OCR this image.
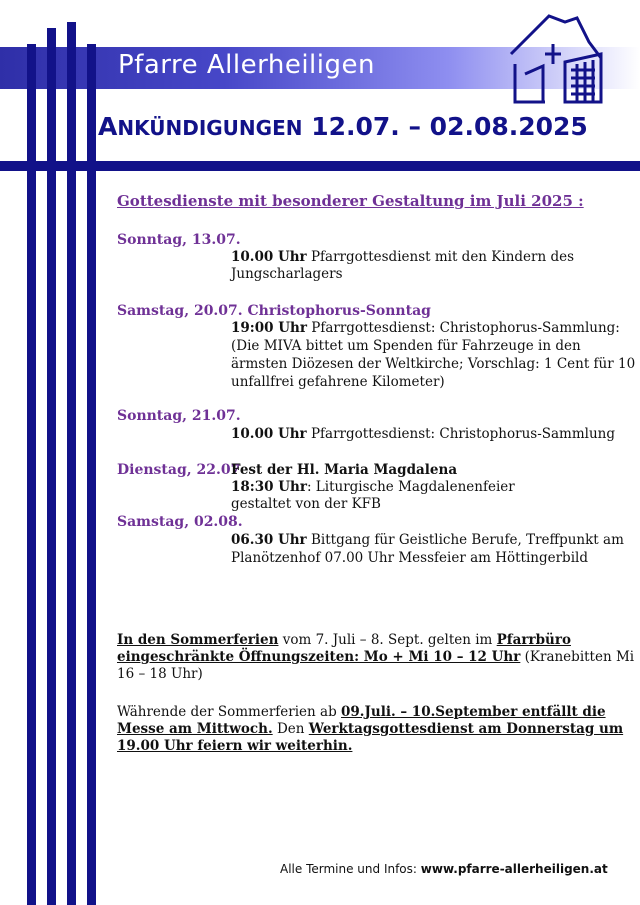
Pfarre Allerheiligen
ANKÜNDIGUNGEN 12.07. – 02.08.2025
Gottesdienste mit besonderer Gestaltung im Juli 2025 :
Sonntag, 13.07.
10.00 Uhr Pfarrgottesdienst mit den Kindern des
Jungscharlagers
Samstag, 20.07. Christophorus-Sonntag
19:00 Uhr Pfarrgottesdienst: Christophorus-Sammlung:
(Die MIVA bittet um Spenden für Fahrzeuge in den
ärmsten Diözesen der Weltkirche; Vorschlag: 1 Cent für 10
unfallfrei gefahrene Kilometer)
Sonntag, 21.07.
10.00 Uhr Pfarrgottesdienst: Christophorus-Sammlung
Dienstag, 22.07
Fest der Hl. Maria Magdalena
18:30 Uhr: Liturgische Magdalenenfeier
gestaltet von der KFB
Samstag, 02.08.
06.30 Uhr Bittgang für Geistliche Berufe, Treffpunkt am
Planötzenhof 07.00 Uhr Messfeier am Höttingerbild
In den Sommerferien vom 7. Juli – 8. Sept. gelten im Pfarrbüro
eingeschränkte Öffnungszeiten: Mo + Mi 10 – 12 Uhr (Kranebitten Mi
16 – 18 Uhr)
Währende der Sommerferien ab 09.Juli. – 10.September entfällt die
Messe am Mittwoch. Den Werktagsgottesdienst am Donnerstag um
19.00 Uhr feiern wir weiterhin.
Alle Termine und Infos: www.pfarre-allerheiligen.at
